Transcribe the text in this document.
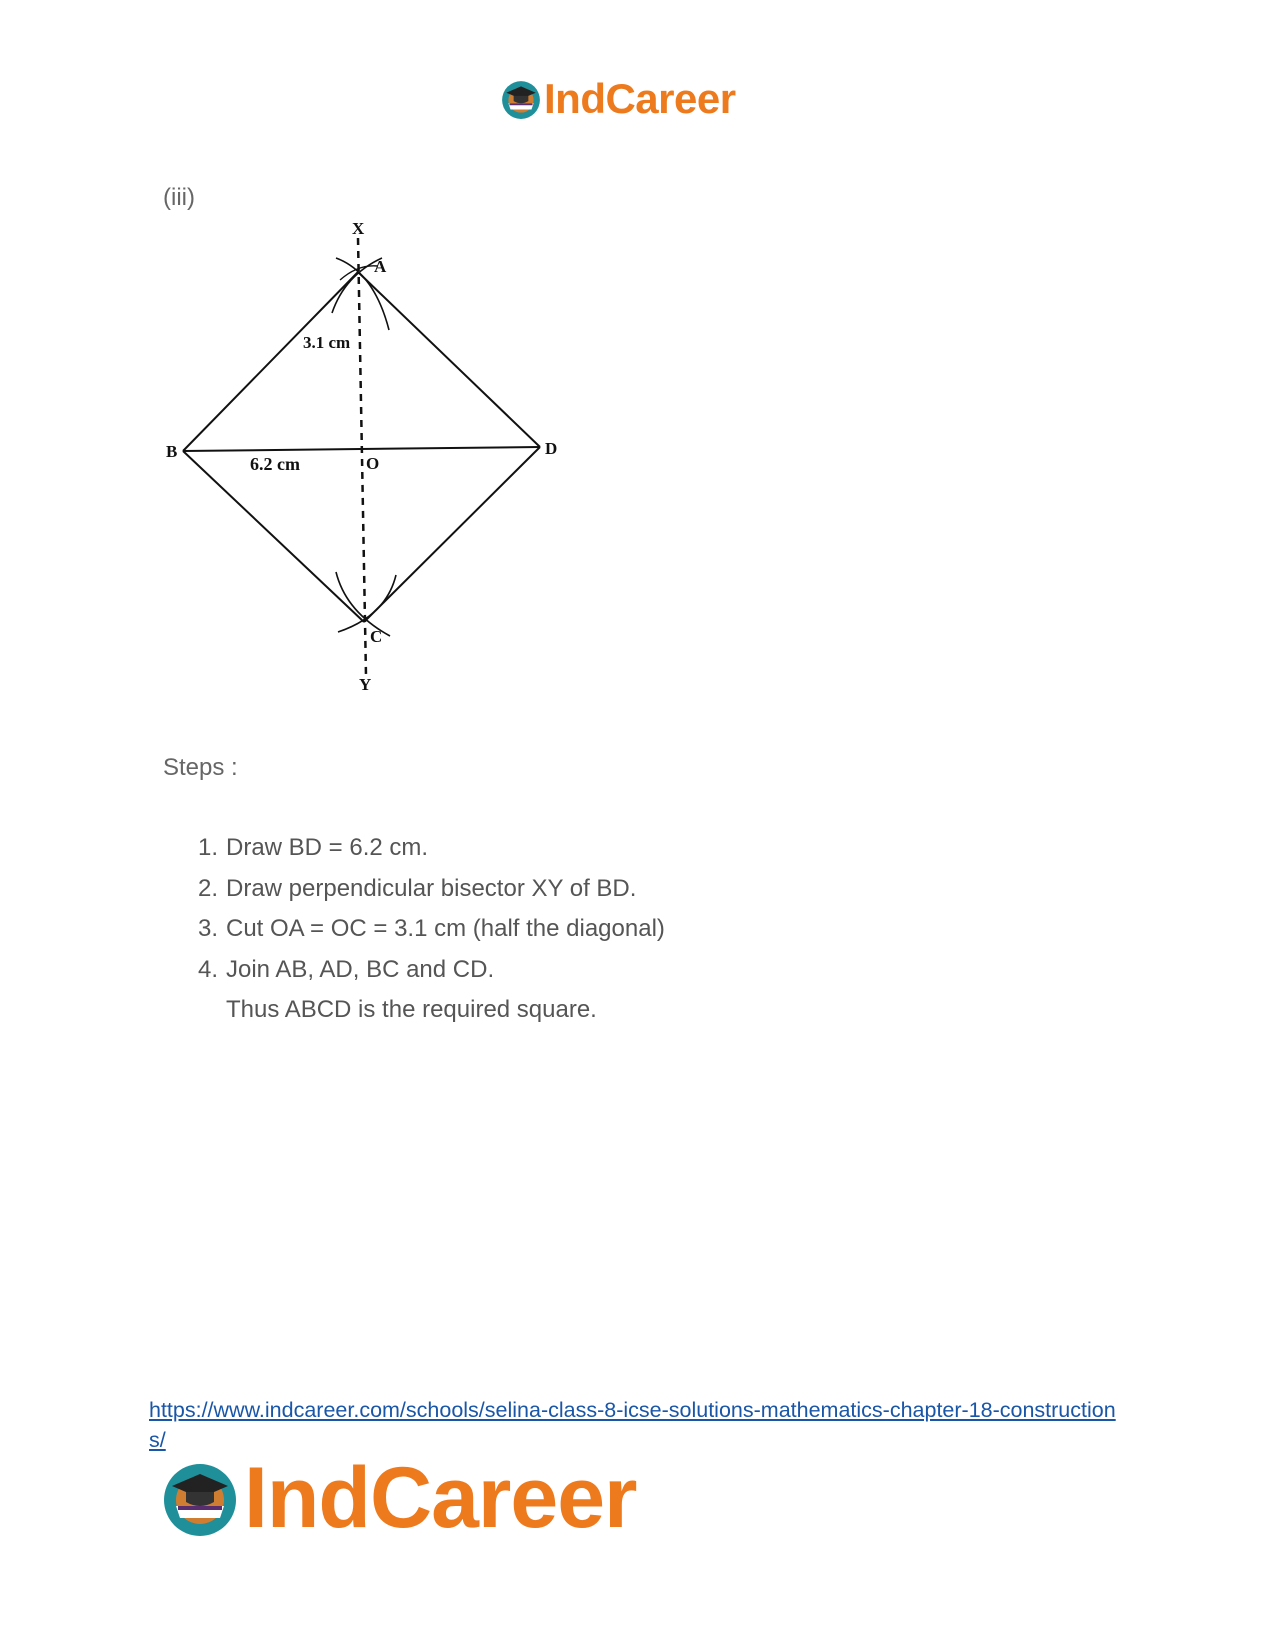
IndCareer
(iii)
X
A
3.1 cm
B
6.2 cm	O
D
C
Y
Steps :
1. Draw BD = 6.2 cm.
2. Draw perpendicular bisector XY of BD.
3. Cut OA = OC = 3.1 cm (half the diagonal)
4. Join AB, AD, BC and CD.
Thus ABCD is the required square.
https://www.indcareer.com/schools/selina-class-8-icse-solutions-mathematics-chapter-18-constructions/
IndCareer
